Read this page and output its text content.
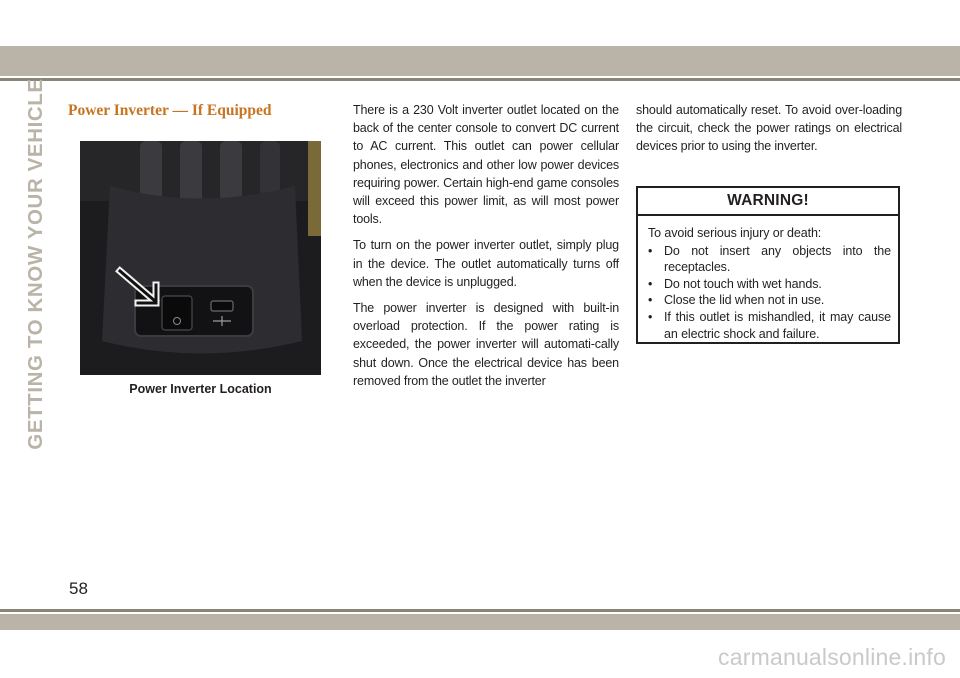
GETTING TO KNOW YOUR VEHICLE Power Inverter — If Equipped

Power Inverter Location

There is a 230 Volt inverter outlet located on the back of the center console to convert DC current to AC current. This outlet can power cellular phones, electronics and other low power devices requiring power. Certain high-end game consoles will exceed this power limit, as will most power tools.

To turn on the power inverter outlet, simply plug in the device. The outlet automatically turns off when the device is unplugged.

The power inverter is designed with built-in overload protection. If the power rating is exceeded, the power inverter will automati-cally shut down. Once the electrical device has been removed from the outlet the inverter

should automatically reset. To avoid over-loading the circuit, check the power ratings on electrical devices prior to using the inverter.

WARNING!

To avoid serious injury or death:

• Do not insert any objects into the receptacles.
• Do not touch with wet hands.
• Close the lid when not in use.
• If this outlet is mishandled, it may cause an electric shock and failure.

58

carmanualsonline.info
